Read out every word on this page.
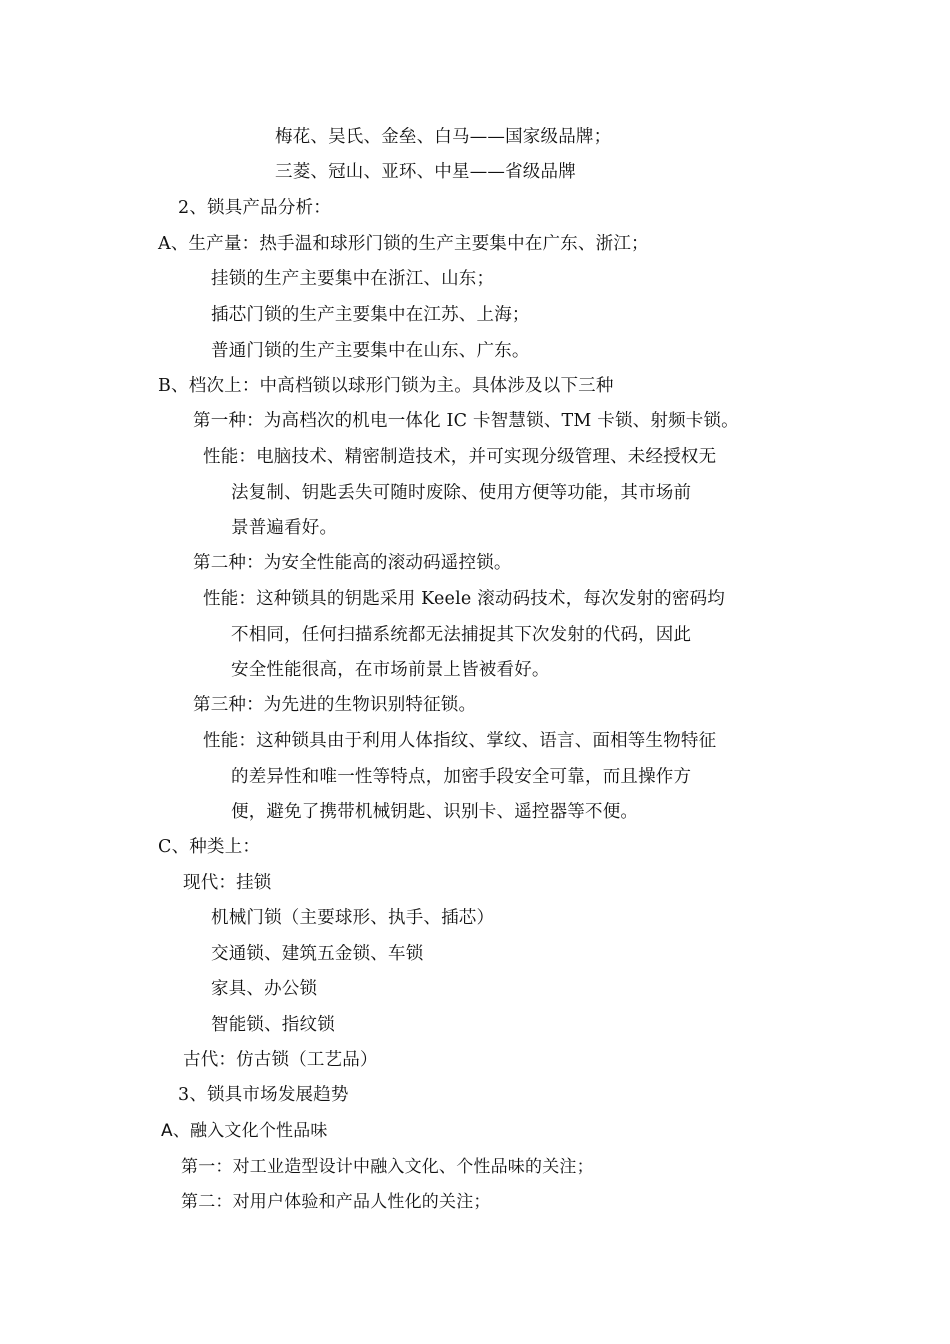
梅花、吴氏、金垒、白马——国家级品牌；
三菱、冠山、亚环、中星——省级品牌
2、锁具产品分析：
A、生产量：热手温和球形门锁的生产主要集中在广东、浙江；
挂锁的生产主要集中在浙江、山东；
插芯门锁的生产主要集中在江苏、上海；
普通门锁的生产主要集中在山东、广东。
B、档次上：中高档锁以球形门锁为主。具体涉及以下三种
第一种：为高档次的机电一体化 IC 卡智慧锁、TM 卡锁、射频卡锁。
性能：电脑技术、精密制造技术，并可实现分级管理、未经授权无
法复制、钥匙丢失可随时废除、使用方便等功能，其市场前
景普遍看好。
第二种：为安全性能高的滚动码遥控锁。
性能：这种锁具的钥匙采用 Keele 滚动码技术，每次发射的密码均
不相同，任何扫描系统都无法捕捉其下次发射的代码，因此
安全性能很高，在市场前景上皆被看好。
第三种：为先进的生物识别特征锁。
性能：这种锁具由于利用人体指纹、掌纹、语言、面相等生物特征
的差异性和唯一性等特点，加密手段安全可靠，而且操作方
便，避免了携带机械钥匙、识别卡、遥控器等不便。
C、种类上：
现代：挂锁
机械门锁（主要球形、执手、插芯）
交通锁、建筑五金锁、车锁
家具、办公锁
智能锁、指纹锁
古代：仿古锁（工艺品）
3、锁具市场发展趋势
A、融入文化个性品味
第一：对工业造型设计中融入文化、个性品味的关注；
第二：对用户体验和产品人性化的关注；
